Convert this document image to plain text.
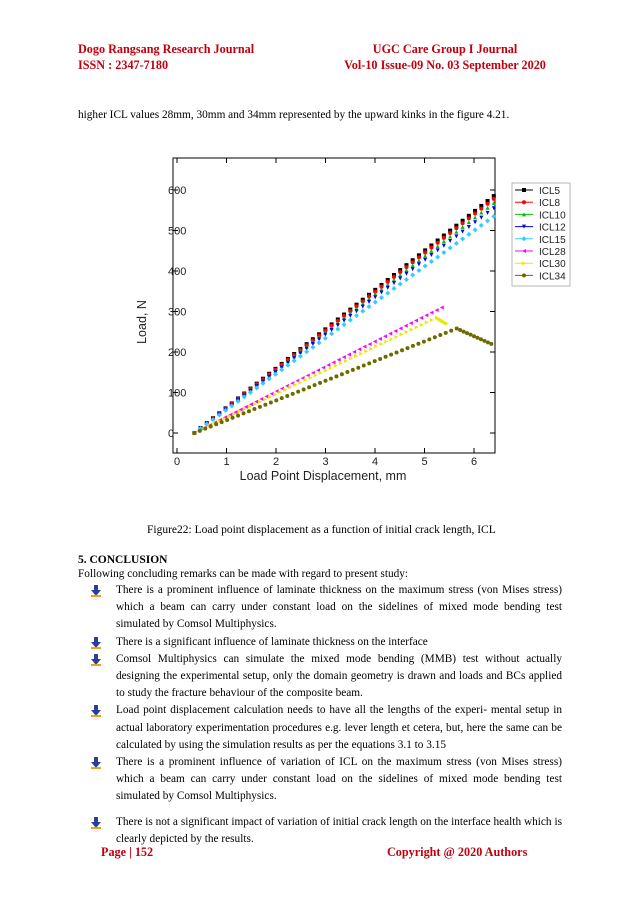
Dogo Rangsang Research Journal
ISSN : 2347-7180
UGC Care Group I Journal
Vol-10 Issue-09 No. 03 September 2020
higher ICL values 28mm, 30mm and 34mm represented by the upward kinks in the figure 4.21.
0	1	2	3	4	5	6
0
100
200
300
400
500
600
Load Point Displacement, mm
Load, N
ICL5
ICL8
ICL10
ICL12
ICL15
ICL28
ICL30
ICL34
Figure22: Load point displacement as a function of initial crack length, ICL
5. CONCLUSION
Following concluding remarks can be made with regard to present study:
There is a prominent influence of laminate thickness on the maximum stress (von Mises stress) which a beam can carry under constant load on the sidelines of mixed mode bending test simulated by Comsol Multiphysics.
There is a significant influence of laminate thickness on the interface
Comsol Multiphysics can simulate the mixed mode bending (MMB) test without actually designing the experimental setup, only the domain geometry is drawn and loads and BCs applied to study the fracture behaviour of the composite beam.
Load point displacement calculation needs to have all the lengths of the experi- mental setup in actual laboratory experimentation procedures e.g. lever length et cetera, but, here the same can be calculated by using the simulation results as per the equations 3.1 to 3.15
There is a prominent influence of variation of ICL on the maximum stress (von Mises stress) which a beam can carry under constant load on the sidelines of mixed mode bending test simulated by Comsol Multiphysics.
There is not a significant impact of variation of initial crack length on the interface health which is clearly depicted by the results.
Page | 152	Copyright @ 2020 Authors
